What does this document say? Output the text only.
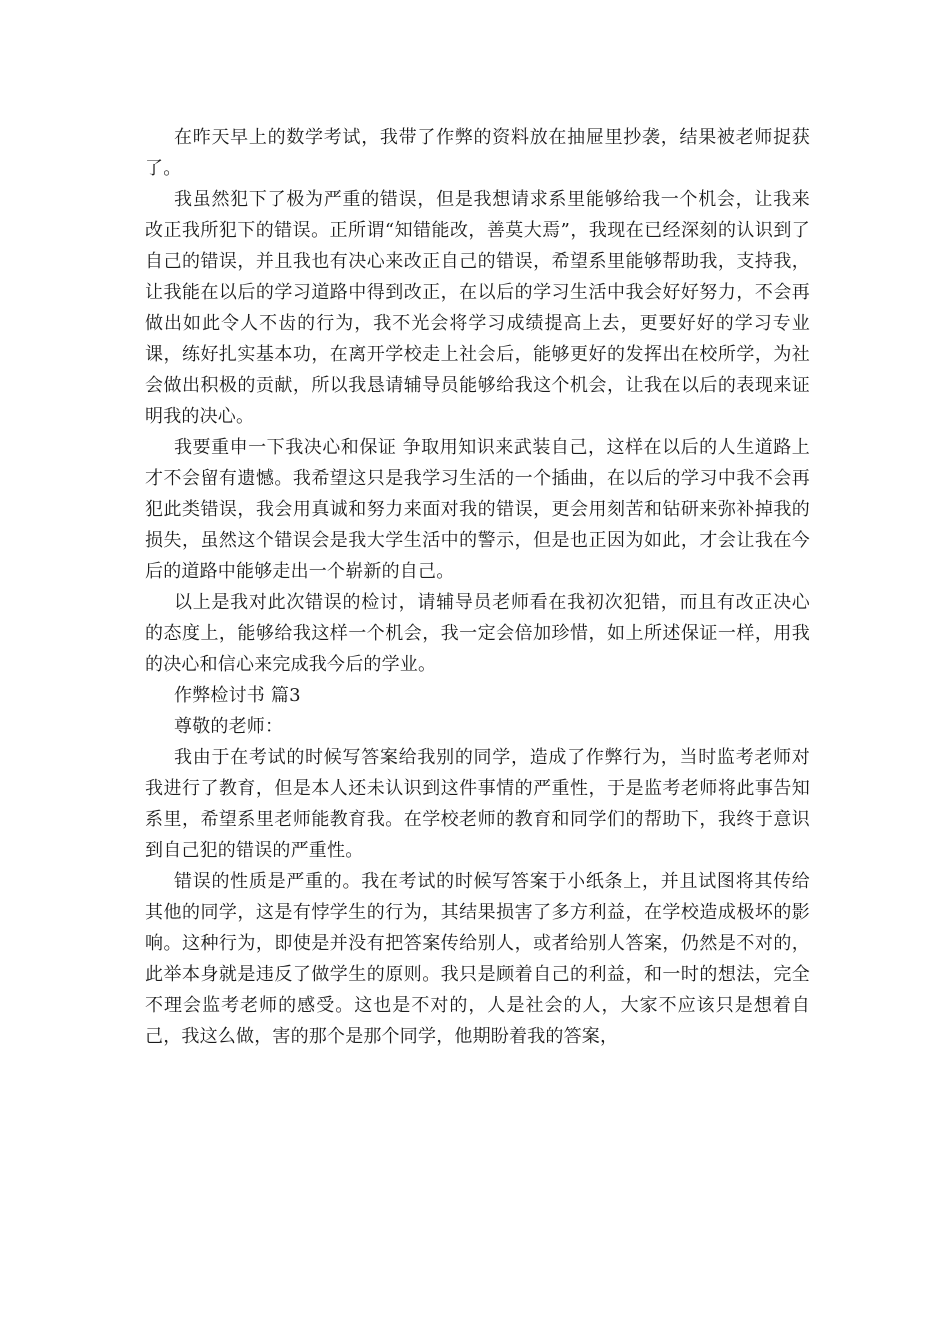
在昨天早上的数学考试，我带了作弊的资料放在抽屉里抄袭，结果被老师捉获了。

我虽然犯下了极为严重的错误，但是我想请求系里能够给我一个机会，让我来改正我所犯下的错误。正所谓“知错能改，善莫大焉”，我现在已经深刻的认识到了自己的错误，并且我也有决心来改正自己的错误，希望系里能够帮助我，支持我，让我能在以后的学习道路中得到改正，在以后的学习生活中我会好好努力，不会再做出如此令人不齿的行为，我不光会将学习成绩提高上去，更要好好的学习专业课，练好扎实基本功，在离开学校走上社会后，能够更好的发挥出在校所学，为社会做出积极的贡献，所以我恳请辅导员能够给我这个机会，让我在以后的表现来证明我的决心。

我要重申一下我决心和保证 争取用知识来武装自己，这样在以后的人生道路上才不会留有遗憾。我希望这只是我学习生活的一个插曲，在以后的学习中我不会再犯此类错误，我会用真诚和努力来面对我的错误，更会用刻苦和钻研来弥补掉我的损失，虽然这个错误会是我大学生活中的警示，但是也正因为如此，才会让我在今后的道路中能够走出一个崭新的自己。

以上是我对此次错误的检讨，请辅导员老师看在我初次犯错，而且有改正决心的态度上，能够给我这样一个机会，我一定会倍加珍惜，如上所述保证一样，用我的决心和信心来完成我今后的学业。

作弊检讨书 篇3

尊敬的老师：

我由于在考试的时候写答案给我别的同学，造成了作弊行为，当时监考老师对我进行了教育，但是本人还未认识到这件事情的严重性，于是监考老师将此事告知系里，希望系里老师能教育我。在学校老师的教育和同学们的帮助下，我终于意识到自己犯的错误的严重性。

错误的性质是严重的。我在考试的时候写答案于小纸条上，并且试图将其传给其他的同学，这是有悖学生的行为，其结果损害了多方利益，在学校造成极坏的影响。这种行为，即使是并没有把答案传给别人，或者给别人答案，仍然是不对的，此举本身就是违反了做学生的原则。我只是顾着自己的利益，和一时的想法，完全不理会监考老师的感受。这也是不对的，人是社会的人，大家不应该只是想着自己，我这么做，害的那个是那个同学，他期盼着我的答案，
